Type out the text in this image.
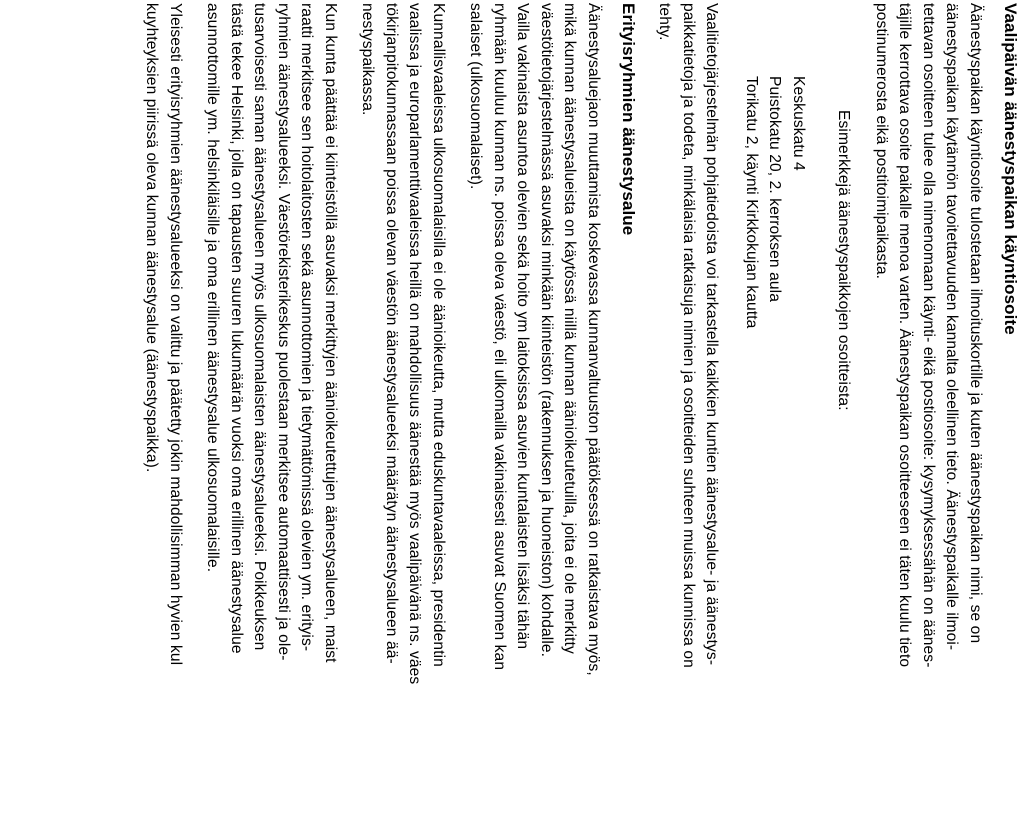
Vaalipäivän äänestyspaikan käyntiosoite
Äänestyspaikan käyntiosoite tulostetaan ilmoituskortille ja kuten äänestyspaikan nimi, se on
äänestyspaikan käytännön tavoitettavuuden kannalta oleellinen tieto. Äänestyspaikalle ilmoi-
tettavan osoitteen tulee olla nimenomaan käynti- eikä postiosoite: kysymyksessähän on äänes-
täjille kerrottava osoite paikalle menoa varten. Äänestyspaikan osoitteeseen ei täten kuulu tieto
postinumerosta eikä postitoimipaikasta.
Esimerkkejä äänestyspaikkojen osoitteista:
Keskuskatu 4
Puistokatu 20, 2. kerroksen aula
Torikatu 2, käynti Kirkkokujan kautta
Vaalitietojärjestelmän pohjatiedoista voi tarkastella kaikkien kuntien äänestysalue- ja äänestys-
paikkatietoja ja todeta, minkälaisia ratkaisuja nimien ja osoitteiden suhteen muissa kunnissa on
tehty.
Erityisryhmien äänestysalue
Äänestysaluejaon muuttamista koskevassa kunnanvaltuuston päätöksessä on ratkaistava myös,
mikä kunnan äänestysalueista on käytössä niillä kunnan äänioikeutetuilla, joita ei ole merkitty
väestötietojärjestelmässä asuvaksi minkään kiinteistön (rakennuksen ja huoneiston) kohdalle.
Vailla vakinaista asuntoa olevien sekä hoito ym laitoksissa asuvien kuntalaisten lisäksi tähän
ryhmään kuuluu kunnan ns. poissa oleva väestö, eli ulkomailla vakinaisesti asuvat Suomen kan
salaiset (ulkosuomalaiset).
Kunnallisvaaleissa ulkosuomalaisilla ei ole äänioikeutta, mutta eduskuntavaaleissa, presidentin
vaalissa ja europarlamenttivaaleissa heillä on mahdollisuus äänestää myös vaalipäivänä ns. väes
tökirjanpitokunnassaan poissa olevan väestön äänestysalueeksi määrätyn äänestysalueen ää-
nestyspaikassa.
Kun kunta päättää ei kiinteistöllä asuvaksi merkittyjen äänioikeutettujen äänestysalueen, maist
raatti merkitsee sen hoitolaitosten sekä asunnottomien ja tietymättömissä olevien ym. erityis-
ryhmien äänestysalueeksi. Väestörekisterikeskus puolestaan merkitsee automaattisesti ja ole-
tusarvoisesti saman äänestysalueen myös ulkosuomalaisten äänestysalueeksi. Poikkeuksen
tästä tekee Helsinki, jolla on tapausten suuren lukumäärän vuoksi oma erillinen äänestysalue
asunnottomille ym. helsinkiläisille ja oma erillinen äänestysalue ulkosuomalaisille.
Yleisesti erityisryhmien äänestysalueeksi on valittu ja päätetty jokin mahdollisimman hyvien kul
kuyhteyksien piirissä oleva kunnan äänestysalue (äänestyspaikka).
